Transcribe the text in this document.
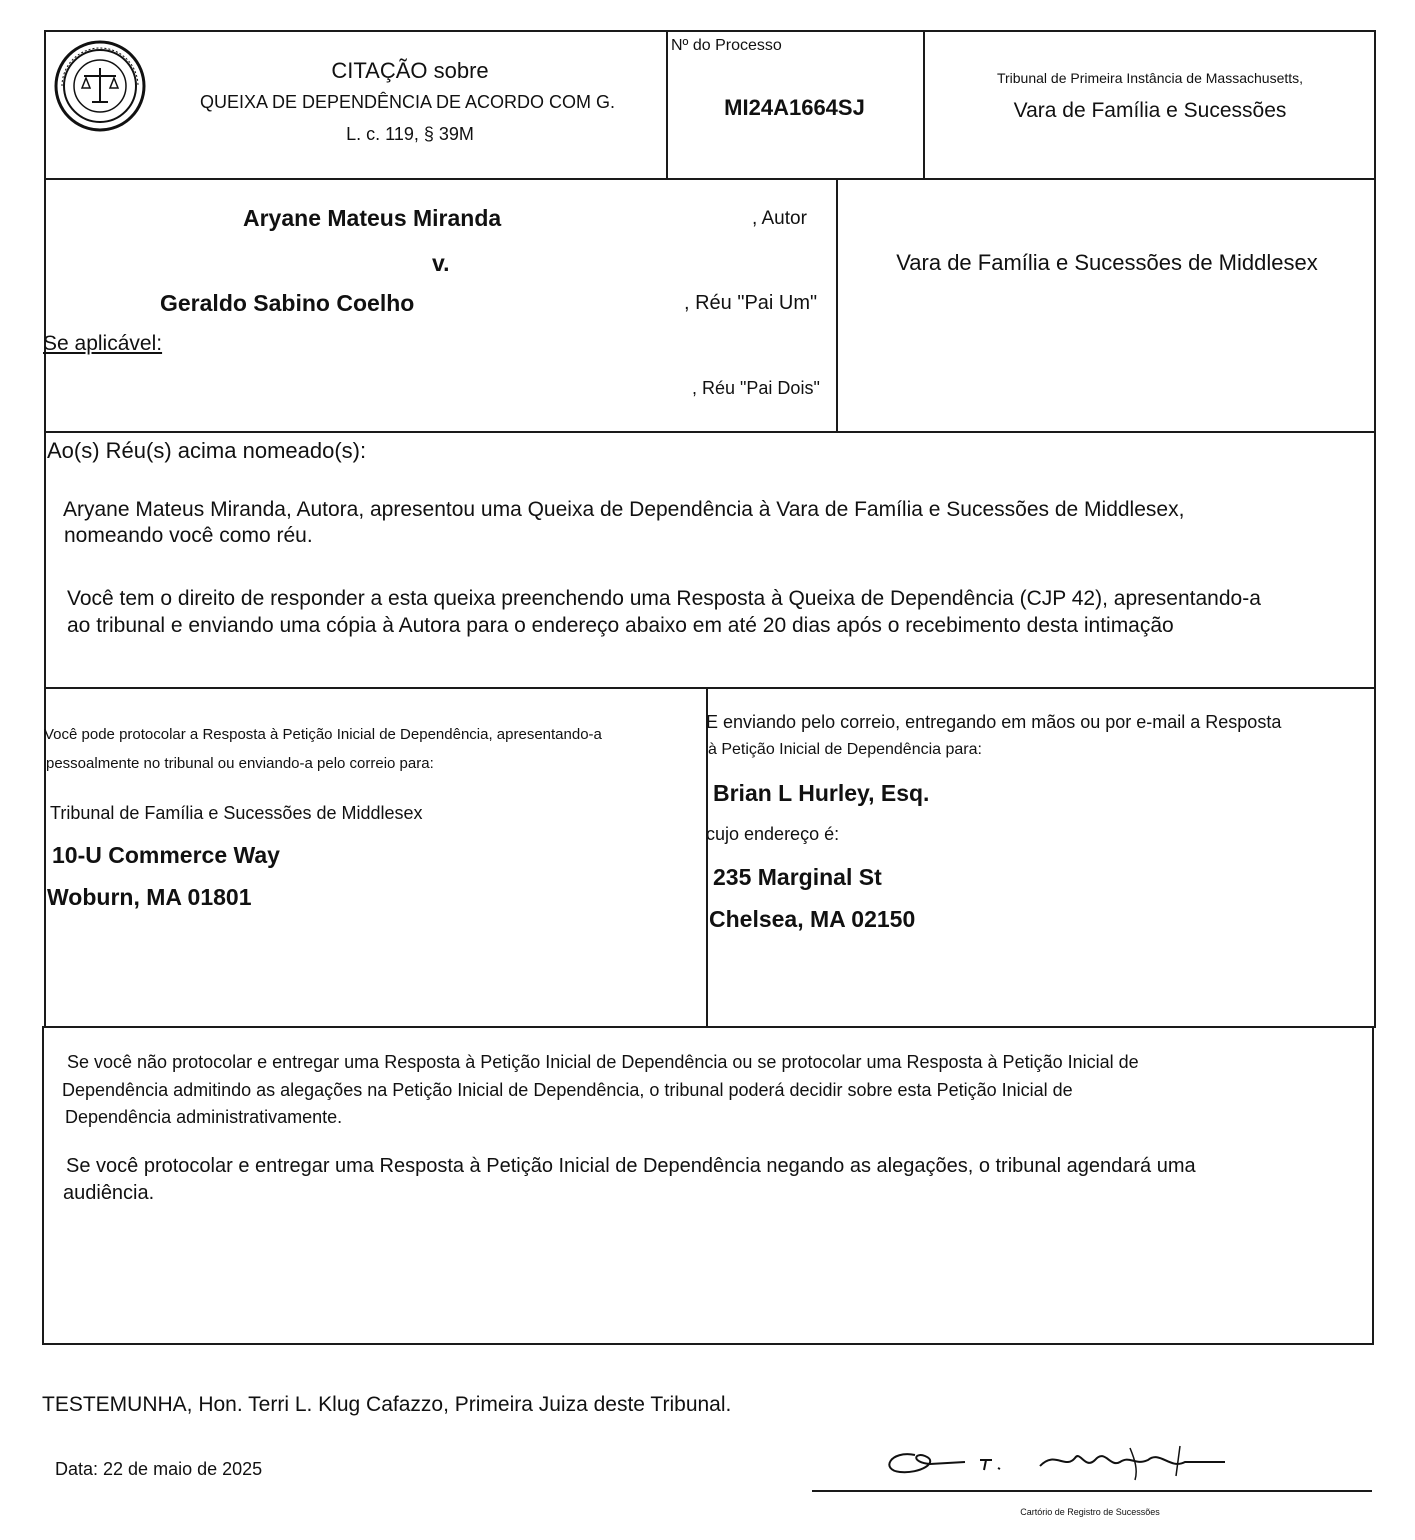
CITAÇÃO sobre
QUEIXA DE DEPENDÊNCIA DE ACORDO COM G.
L. c. 119, § 39M
Nº do Processo
MI24A1664SJ
Tribunal de Primeira Instância de Massachusetts,
Vara de Família e Sucessões
Aryane Mateus Miranda	, Autor
v.
Geraldo Sabino Coelho	, Réu "Pai Um"
Se aplicável:
, Réu "Pai Dois"
Vara de Família e Sucessões de Middlesex
Ao(s) Réu(s) acima nomeado(s):
Aryane Mateus Miranda, Autora, apresentou uma Queixa de Dependência à Vara de Família e Sucessões de Middlesex,
nomeando você como réu.
Você tem o direito de responder a esta queixa preenchendo uma Resposta à Queixa de Dependência (CJP 42), apresentando-a
ao tribunal e enviando uma cópia à Autora para o endereço abaixo em até 20 dias após o recebimento desta intimação
Você pode protocolar a Resposta à Petição Inicial de Dependência, apresentando-a
pessoalmente no tribunal ou enviando-a pelo correio para:
Tribunal de Família e Sucessões de Middlesex
10-U Commerce Way
Woburn, MA 01801
E enviando pelo correio, entregando em mãos ou por e-mail a Resposta
à Petição Inicial de Dependência para:
Brian L Hurley, Esq.
cujo endereço é:
235 Marginal St
Chelsea, MA 02150
Se você não protocolar e entregar uma Resposta à Petição Inicial de Dependência ou se protocolar uma Resposta à Petição Inicial de
Dependência admitindo as alegações na Petição Inicial de Dependência, o tribunal poderá decidir sobre esta Petição Inicial de
Dependência administrativamente.
Se você protocolar e entregar uma Resposta à Petição Inicial de Dependência negando as alegações, o tribunal agendará uma
audiência.
TESTEMUNHA, Hon. Terri L. Klug Cafazzo, Primeira Juiza deste Tribunal.
Data: 22 de maio de 2025
Cartório de Registro de Sucessões
